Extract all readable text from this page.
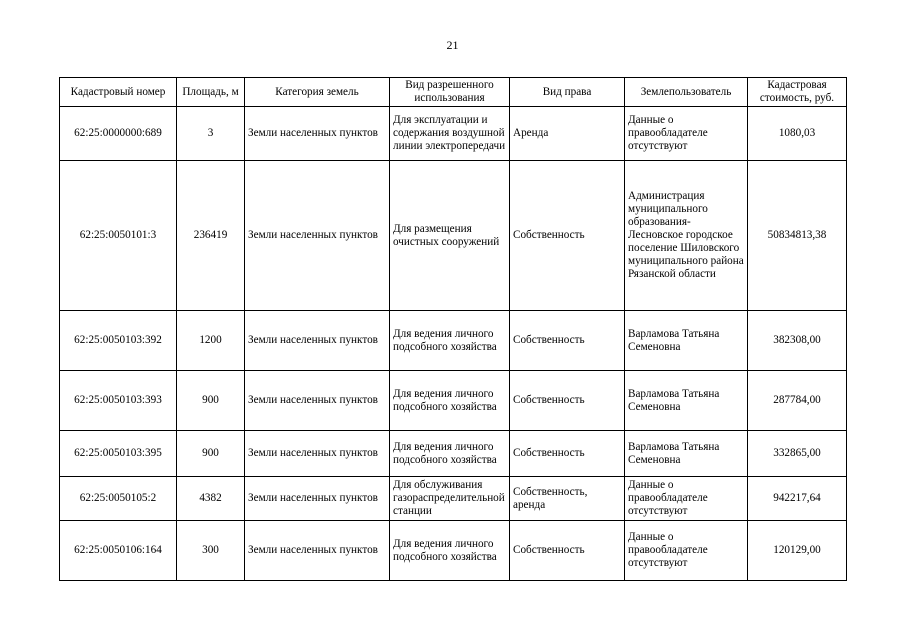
21
Кадастровый номер	Площадь, м	Категория земель	Вид разрешенного использования	Вид права	Землепользователь	Кадастровая стоимость, руб.
62:25:0000000:689	3	Земли населенных пунктов	Для эксплуатации и содержания воздушной линии электропередачи	Аренда	Данные о правообладателе отсутствуют	1080,03
62:25:0050101:3	236419	Земли населенных пунктов	Для размещения очистных сооружений	Собственность	Администрация муниципального образования-Лесновское городское поселение Шиловского муниципального района Рязанской области	50834813,38
62:25:0050103:392	1200	Земли населенных пунктов	Для ведения личного подсобного хозяйства	Собственность	Варламова Татьяна Семеновна	382308,00
62:25:0050103:393	900	Земли населенных пунктов	Для ведения личного подсобного хозяйства	Собственность	Варламова Татьяна Семеновна	287784,00
62:25:0050103:395	900	Земли населенных пунктов	Для ведения личного подсобного хозяйства	Собственность	Варламова Татьяна Семеновна	332865,00
62:25:0050105:2	4382	Земли населенных пунктов	Для обслуживания газораспределительной станции	Собственность, аренда	Данные о правообладателе отсутствуют	942217,64
62:25:0050106:164	300	Земли населенных пунктов	Для ведения личного подсобного хозяйства	Собственность	Данные о правообладателе отсутствуют	120129,00
